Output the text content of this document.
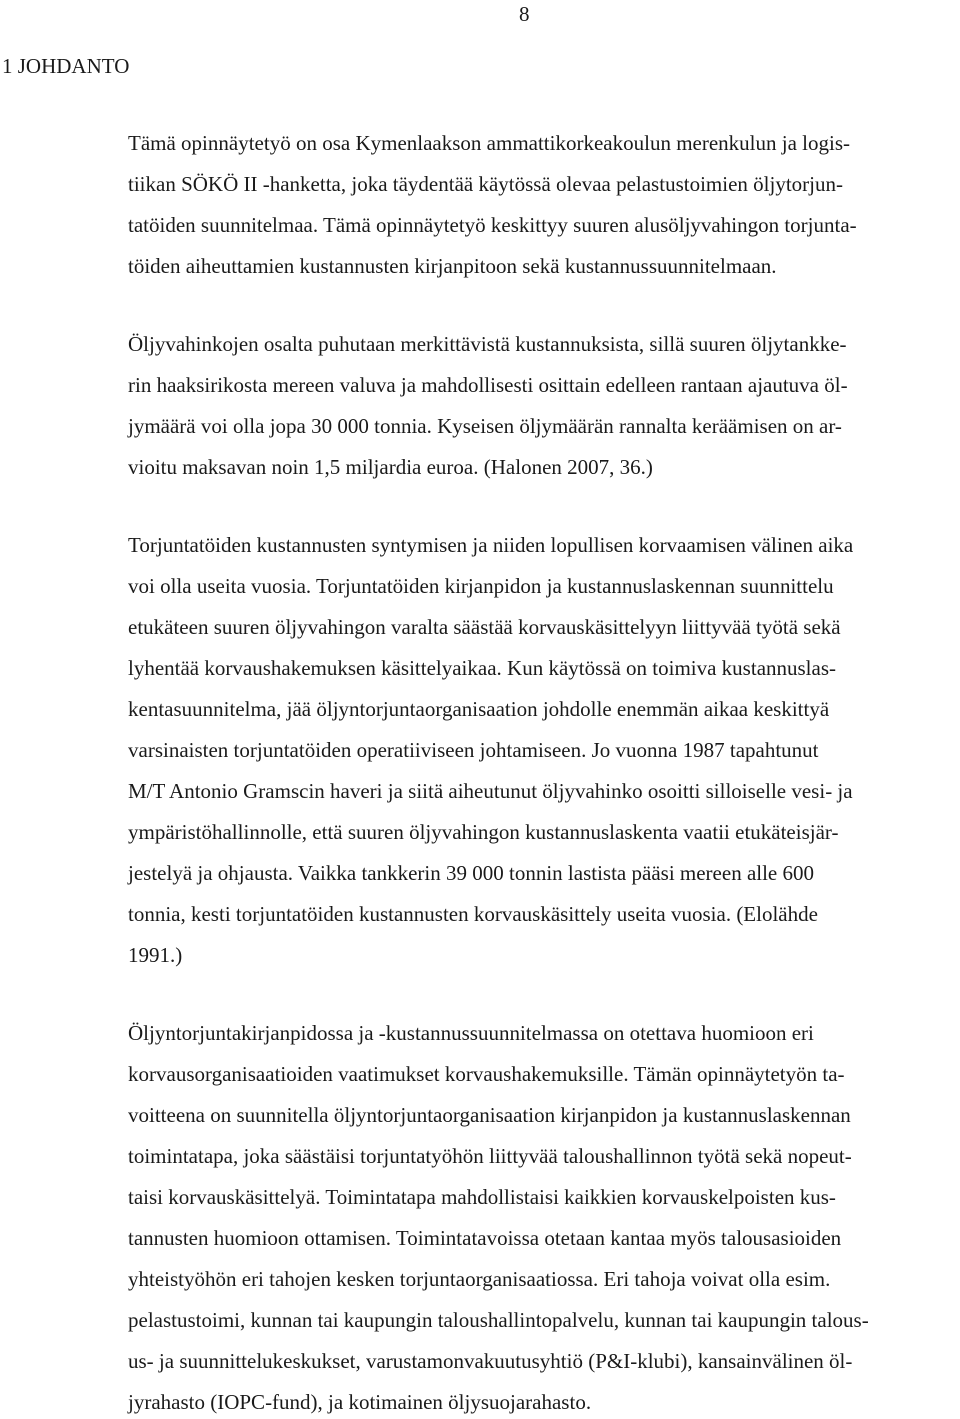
8
1 JOHDANTO
Tämä opinnäytetyö on osa Kymenlaakson ammattikorkeakoulun merenkulun ja logis-
tiikan SÖKÖ II -hanketta, joka täydentää käytössä olevaa pelastustoimien öljytorjun-
tatöiden suunnitelmaa. Tämä opinnäytetyö keskittyy suuren alusöljyvahingon torjunta-
töiden aiheuttamien kustannusten kirjanpitoon sekä kustannussuunnitelmaan.
Öljyvahinkojen osalta puhutaan merkittävistä kustannuksista, sillä suuren öljytankke-
rin haaksirikosta mereen valuva ja mahdollisesti osittain edelleen rantaan ajautuva öl-
jymäärä voi olla jopa 30 000 tonnia. Kyseisen öljymäärän rannalta keräämisen on ar-
vioitu maksavan noin 1,5 miljardia euroa. (Halonen 2007, 36.)
Torjuntatöiden kustannusten syntymisen ja niiden lopullisen korvaamisen välinen aika
voi olla useita vuosia. Torjuntatöiden kirjanpidon ja kustannuslaskennan suunnittelu
etukäteen suuren öljyvahingon varalta säästää korvauskäsittelyyn liittyvää työtä sekä
lyhentää korvaushakemuksen käsittelyaikaa. Kun käytössä on toimiva kustannuslas-
kentasuunnitelma, jää öljyntorjuntaorganisaation johdolle enemmän aikaa keskittyä
varsinaisten torjuntatöiden operatiiviseen johtamiseen. Jo vuonna 1987 tapahtunut
M/T Antonio Gramscin haveri ja siitä aiheutunut öljyvahinko osoitti silloiselle vesi- ja
ympäristöhallinnolle, että suuren öljyvahingon kustannuslaskenta vaatii etukäteisjär-
jestelyä ja ohjausta. Vaikka tankkerin 39 000 tonnin lastista pääsi mereen alle 600
tonnia, kesti torjuntatöiden kustannusten korvauskäsittely useita vuosia. (Elolähde
1991.)
Öljyntorjuntakirjanpidossa ja -kustannussuunnitelmassa on otettava huomioon eri
korvausorganisaatioiden vaatimukset korvaushakemuksille. Tämän opinnäytetyön ta-
voitteena on suunnitella öljyntorjuntaorganisaation kirjanpidon ja kustannuslaskennan
toimintatapa, joka säästäisi torjuntatyöhön liittyvää taloushallinnon työtä sekä nopeut-
taisi korvauskäsittelyä. Toimintatapa mahdollistaisi kaikkien korvauskelpoisten kus-
tannusten huomioon ottamisen. Toimintatavoissa otetaan kantaa myös talousasioiden
yhteistyöhön eri tahojen kesken torjuntaorganisaatiossa. Eri tahoja voivat olla esim.
pelastustoimi, kunnan tai kaupungin taloushallintopalvelu, kunnan tai kaupungin talous-
us- ja suunnittelukeskukset, varustamonvakuutusyhtiö (P&I-klubi), kansainvälinen öl-
jyrahasto (IOPC-fund), ja kotimainen öljysuojarahasto.
